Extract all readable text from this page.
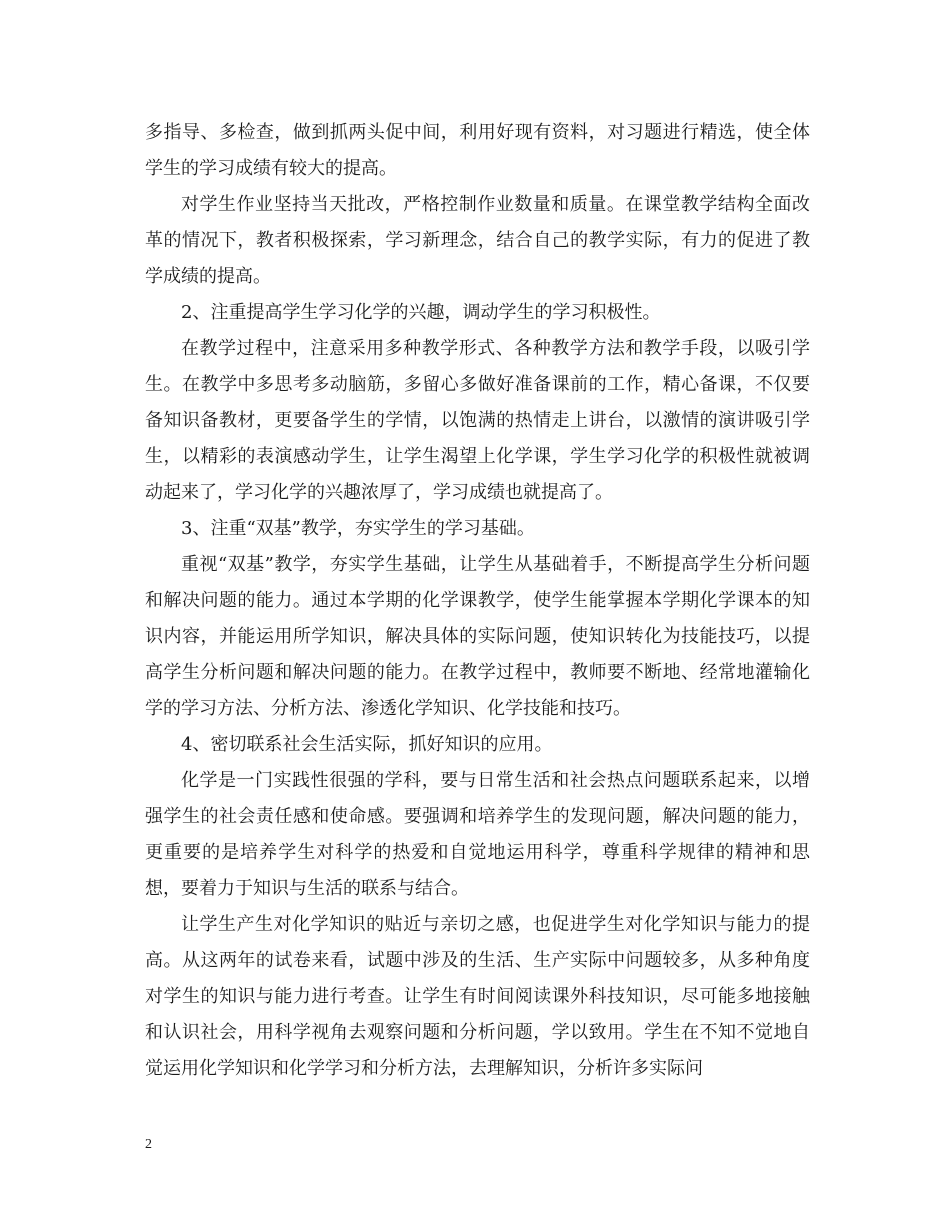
多指导、多检查，做到抓两头促中间，利用好现有资料，对习题进行精选，使全体学生的学习成绩有较大的提高。

对学生作业坚持当天批改，严格控制作业数量和质量。在课堂教学结构全面改革的情况下，教者积极探索，学习新理念，结合自己的教学实际，有力的促进了教学成绩的提高。

2、注重提高学生学习化学的兴趣，调动学生的学习积极性。

在教学过程中，注意采用多种教学形式、各种教学方法和教学手段，以吸引学生。在教学中多思考多动脑筋，多留心多做好准备课前的工作，精心备课，不仅要备知识备教材，更要备学生的学情，以饱满的热情走上讲台，以激情的演讲吸引学生，以精彩的表演感动学生，让学生渴望上化学课，学生学习化学的积极性就被调动起来了，学习化学的兴趣浓厚了，学习成绩也就提高了。

3、注重“双基”教学，夯实学生的学习基础。

重视“双基”教学，夯实学生基础，让学生从基础着手，不断提高学生分析问题和解决问题的能力。通过本学期的化学课教学，使学生能掌握本学期化学课本的知识内容，并能运用所学知识，解决具体的实际问题，使知识转化为技能技巧，以提高学生分析问题和解决问题的能力。在教学过程中，教师要不断地、经常地灌输化学的学习方法、分析方法、渗透化学知识、化学技能和技巧。

4、密切联系社会生活实际，抓好知识的应用。

化学是一门实践性很强的学科，要与日常生活和社会热点问题联系起来，以增强学生的社会责任感和使命感。要强调和培养学生的发现问题，解决问题的能力，更重要的是培养学生对科学的热爱和自觉地运用科学，尊重科学规律的精神和思想，要着力于知识与生活的联系与结合。

让学生产生对化学知识的贴近与亲切之感，也促进学生对化学知识与能力的提高。从这两年的试卷来看，试题中涉及的生活、生产实际中问题较多，从多种角度对学生的知识与能力进行考查。让学生有时间阅读课外科技知识，尽可能多地接触和认识社会，用科学视角去观察问题和分析问题，学以致用。学生在不知不觉地自觉运用化学知识和化学学习和分析方法，去理解知识，分析许多实际问

2
